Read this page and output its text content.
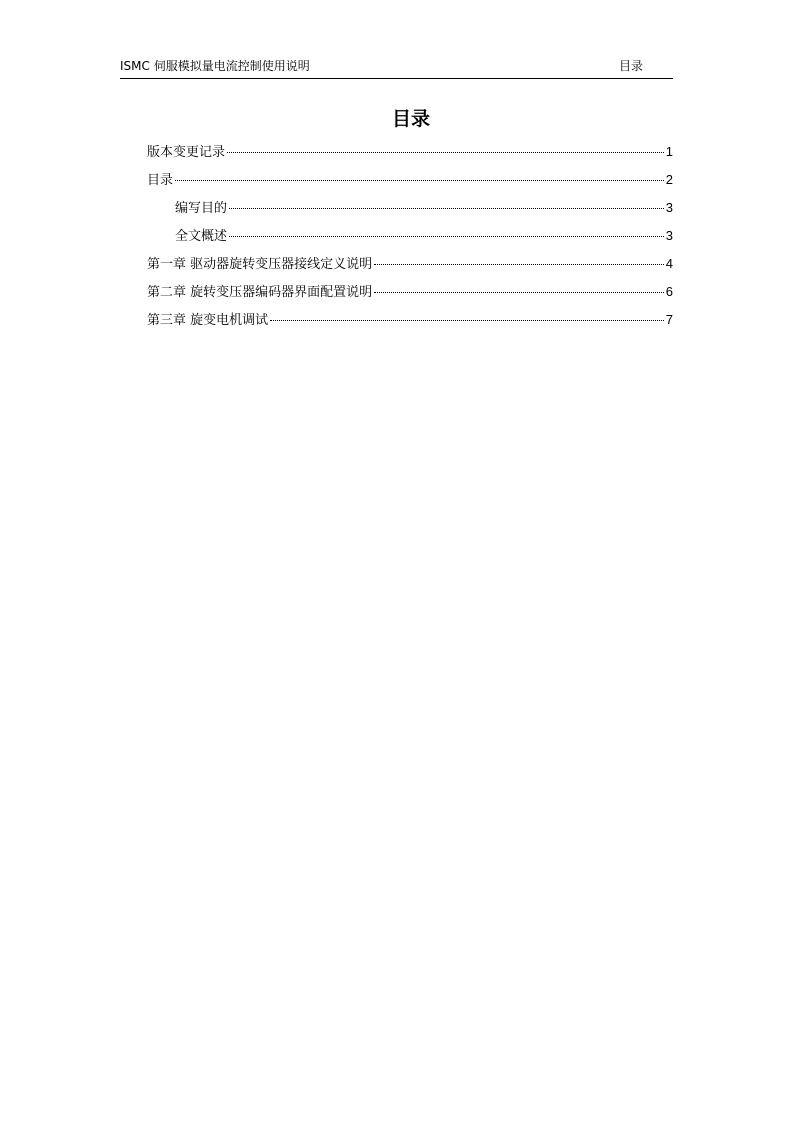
ISMC 伺服模拟量电流控制使用说明	目录
目录
版本变更记录	1
目录	2
编写目的	3
全文概述	3
第一章 驱动器旋转变压器接线定义说明	4
第二章 旋转变压器编码器界面配置说明	6
第三章 旋变电机调试	7
